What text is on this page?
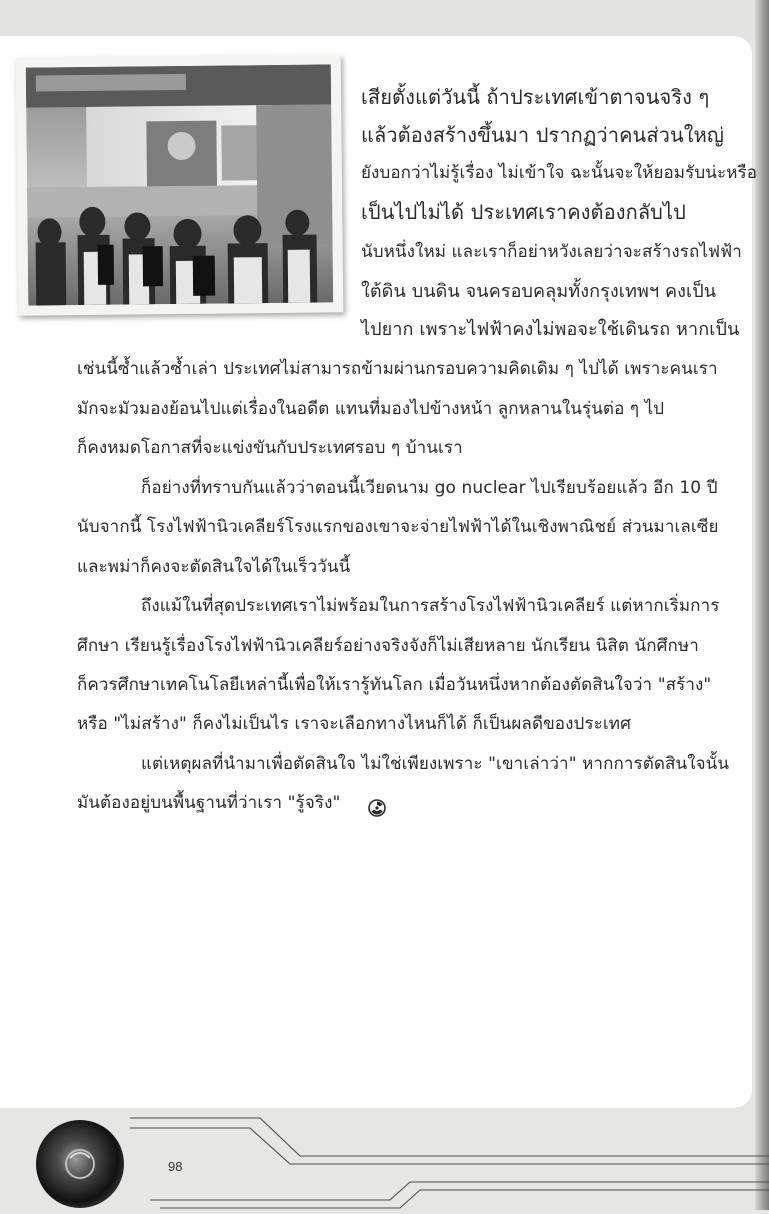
เสียตั้งแต่วันนี้ ถ้าประเทศเข้าตาจนจริง ๆ
แล้วต้องสร้างขึ้นมา ปรากฏว่าคนส่วนใหญ่
ยังบอกว่าไม่รู้เรื่อง ไม่เข้าใจ ฉะนั้นจะให้ยอมรับน่ะหรือ
เป็นไปไม่ได้ ประเทศเราคงต้องกลับไป
นับหนึ่งใหม่ และเราก็อย่าหวังเลยว่าจะสร้างรถไฟฟ้า
ใต้ดิน บนดิน จนครอบคลุมทั้งกรุงเทพฯ คงเป็น
ไปยาก เพราะไฟฟ้าคงไม่พอจะใช้เดินรถ หากเป็น
เช่นนี้ซ้ำแล้วซ้ำเล่า ประเทศไม่สามารถข้ามผ่านกรอบความคิดเดิม ๆ ไปได้ เพราะคนเรา
มักจะมัวมองย้อนไปแต่เรื่องในอดีต แทนที่มองไปข้างหน้า ลูกหลานในรุ่นต่อ ๆ ไป
ก็คงหมดโอกาสที่จะแข่งขันกับประเทศรอบ ๆ บ้านเรา
ก็อย่างที่ทราบกันแล้วว่าตอนนี้เวียดนาม go nuclear ไปเรียบร้อยแล้ว อีก 10 ปี
นับจากนี้ โรงไฟฟ้านิวเคลียร์โรงแรกของเขาจะจ่ายไฟฟ้าได้ในเชิงพาณิชย์ ส่วนมาเลเซีย
และพม่าก็คงจะตัดสินใจได้ในเร็ววันนี้
ถึงแม้ในที่สุดประเทศเราไม่พร้อมในการสร้างโรงไฟฟ้านิวเคลียร์ แต่หากเริ่มการ
ศึกษา เรียนรู้เรื่องโรงไฟฟ้านิวเคลียร์อย่างจริงจังก็ไม่เสียหลาย นักเรียน นิสิต นักศึกษา
ก็ควรศึกษาเทคโนโลยีเหล่านี้เพื่อให้เรารู้ทันโลก เมื่อวันหนึ่งหากต้องตัดสินใจว่า "สร้าง"
หรือ "ไม่สร้าง" ก็คงไม่เป็นไร เราจะเลือกทางไหนก็ได้ ก็เป็นผลดีของประเทศ
แต่เหตุผลที่นำมาเพื่อตัดสินใจ ไม่ใช่เพียงเพราะ "เขาเล่าว่า" หากการตัดสินใจนั้น
มันต้องอยู่บนพื้นฐานที่ว่าเรา "รู้จริง"
98
